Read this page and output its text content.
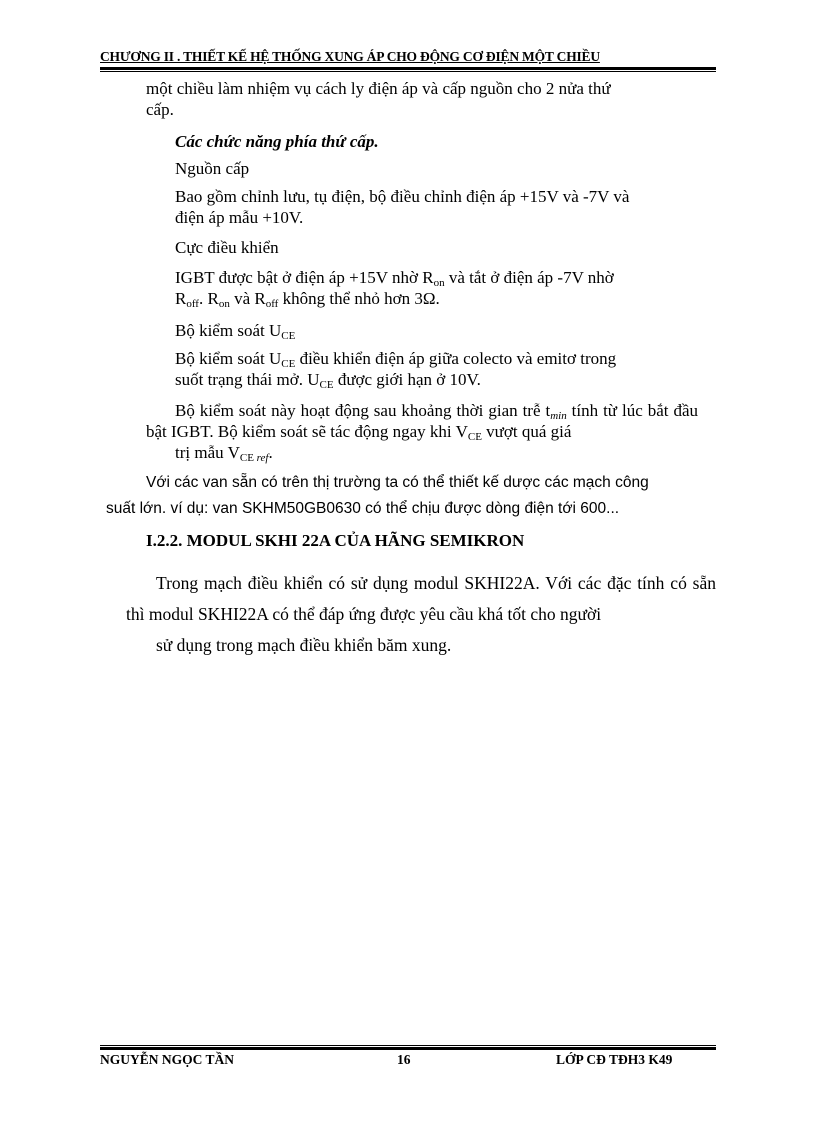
CHƯƠNG II . THIẾT KẾ HỆ THỐNG XUNG ÁP CHO ĐỘNG CƠ ĐIỆN MỘT CHIỀU
một chiều làm nhiệm vụ cách ly điện áp và cấp nguồn cho 2 nửa thứ
cấp.
Các chức năng phía thứ cấp.
Nguồn cấp
Bao gồm chỉnh lưu, tụ điện, bộ điều chỉnh điện áp +15V và -7V và
điện áp mẫu +10V.
Cực điều khiển
IGBT được bật ở điện áp +15V nhờ $R_{on}$ và tắt ở điện áp -7V nhờ
$R_{off}$. $R_{on}$ và $R_{off}$ không thể nhỏ hơn 3Ω.
Bộ kiểm soát $U_{CE}$
Bộ kiểm soát $U_{CE}$ điều khiển điện áp giữa colecto và emitơ trong
suốt trạng thái mở. $U_{CE}$ được giới hạn ở 10V.
Bộ kiểm soát này hoạt động sau khoảng thời gian trễ $t_{min}$ tính từ lúc bắt đầu bật IGBT. Bộ kiểm soát sẽ tác động ngay khi $V_{CE}$ vượt quá giá
trị mẫu $V_{CE ref}$.
Với các van sẵn có trên thị trường ta có thể thiết kế dược các mạch công
suất lớn. ví dụ: van SKHM50GB0630 có thể chịu được dòng điện tới 600...
I.2.2. MODUL SKHI 22A CỦA HÃNG SEMIKRON
Trong mạch điều khiển có sử dụng modul SKHI22A. Với các đặc tính có sẵn thì modul SKHI22A có thể đáp ứng được yêu cầu khá tốt cho người
sử dụng trong mạch điều khiển băm xung.
NGUYỄN NGỌC TẦN	16	LỚP CĐ TĐH3 K49
